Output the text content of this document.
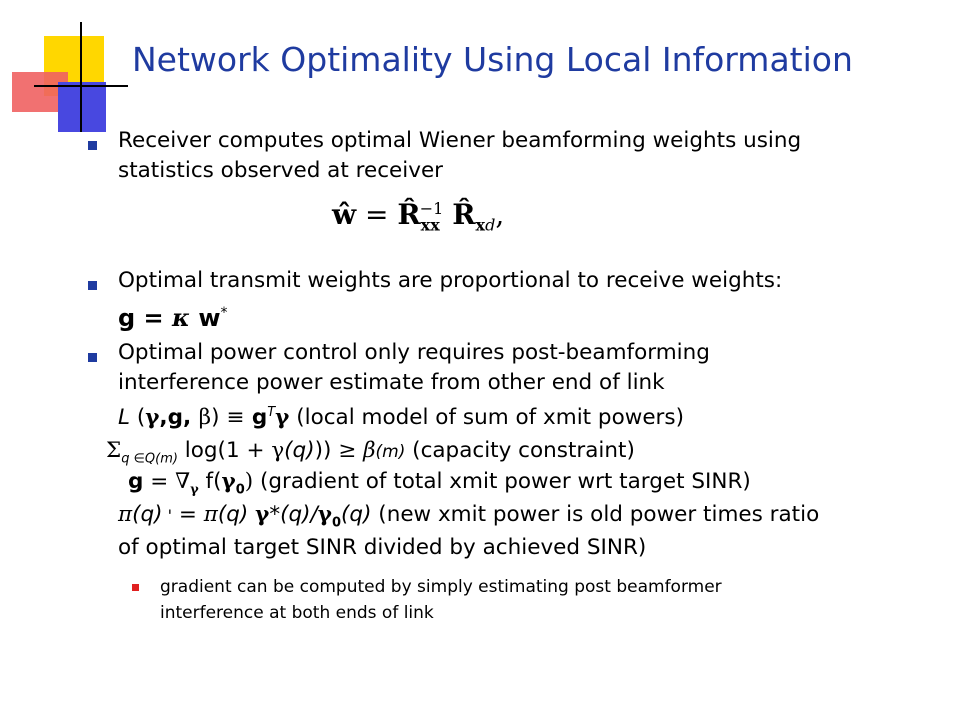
Network Optimality Using Local Information
Receiver computes optimal Wiener beamforming weights using
statistics observed at receiver
ŵ = $R̂_{xx}^{-1}$ $R̂_{xd}$,
Optimal transmit weights are proportional to receive weights:
g = κ w*
Optimal power control only requires post-beamforming
interference power estimate from other end of link
L (γ,g, $\beta) \equiv g^T\gamma$ (local model of sum of xmit powers)
$\Sigma_{q \in Q(m)}$ log(1 + γ(q))) ≥ β(m) (capacity constraint)
$g = \nabla_\gamma$ $f(\gamma_0)$ (gradient of total xmit power wrt target SINR)
π(q) ' = π(q) $\gamma*(q)/\gamma_0(q)$ (new xmit power is old power times ratio
of optimal target SINR divided by achieved SINR)
gradient can be computed by simply estimating post beamformer
interference at both ends of link
